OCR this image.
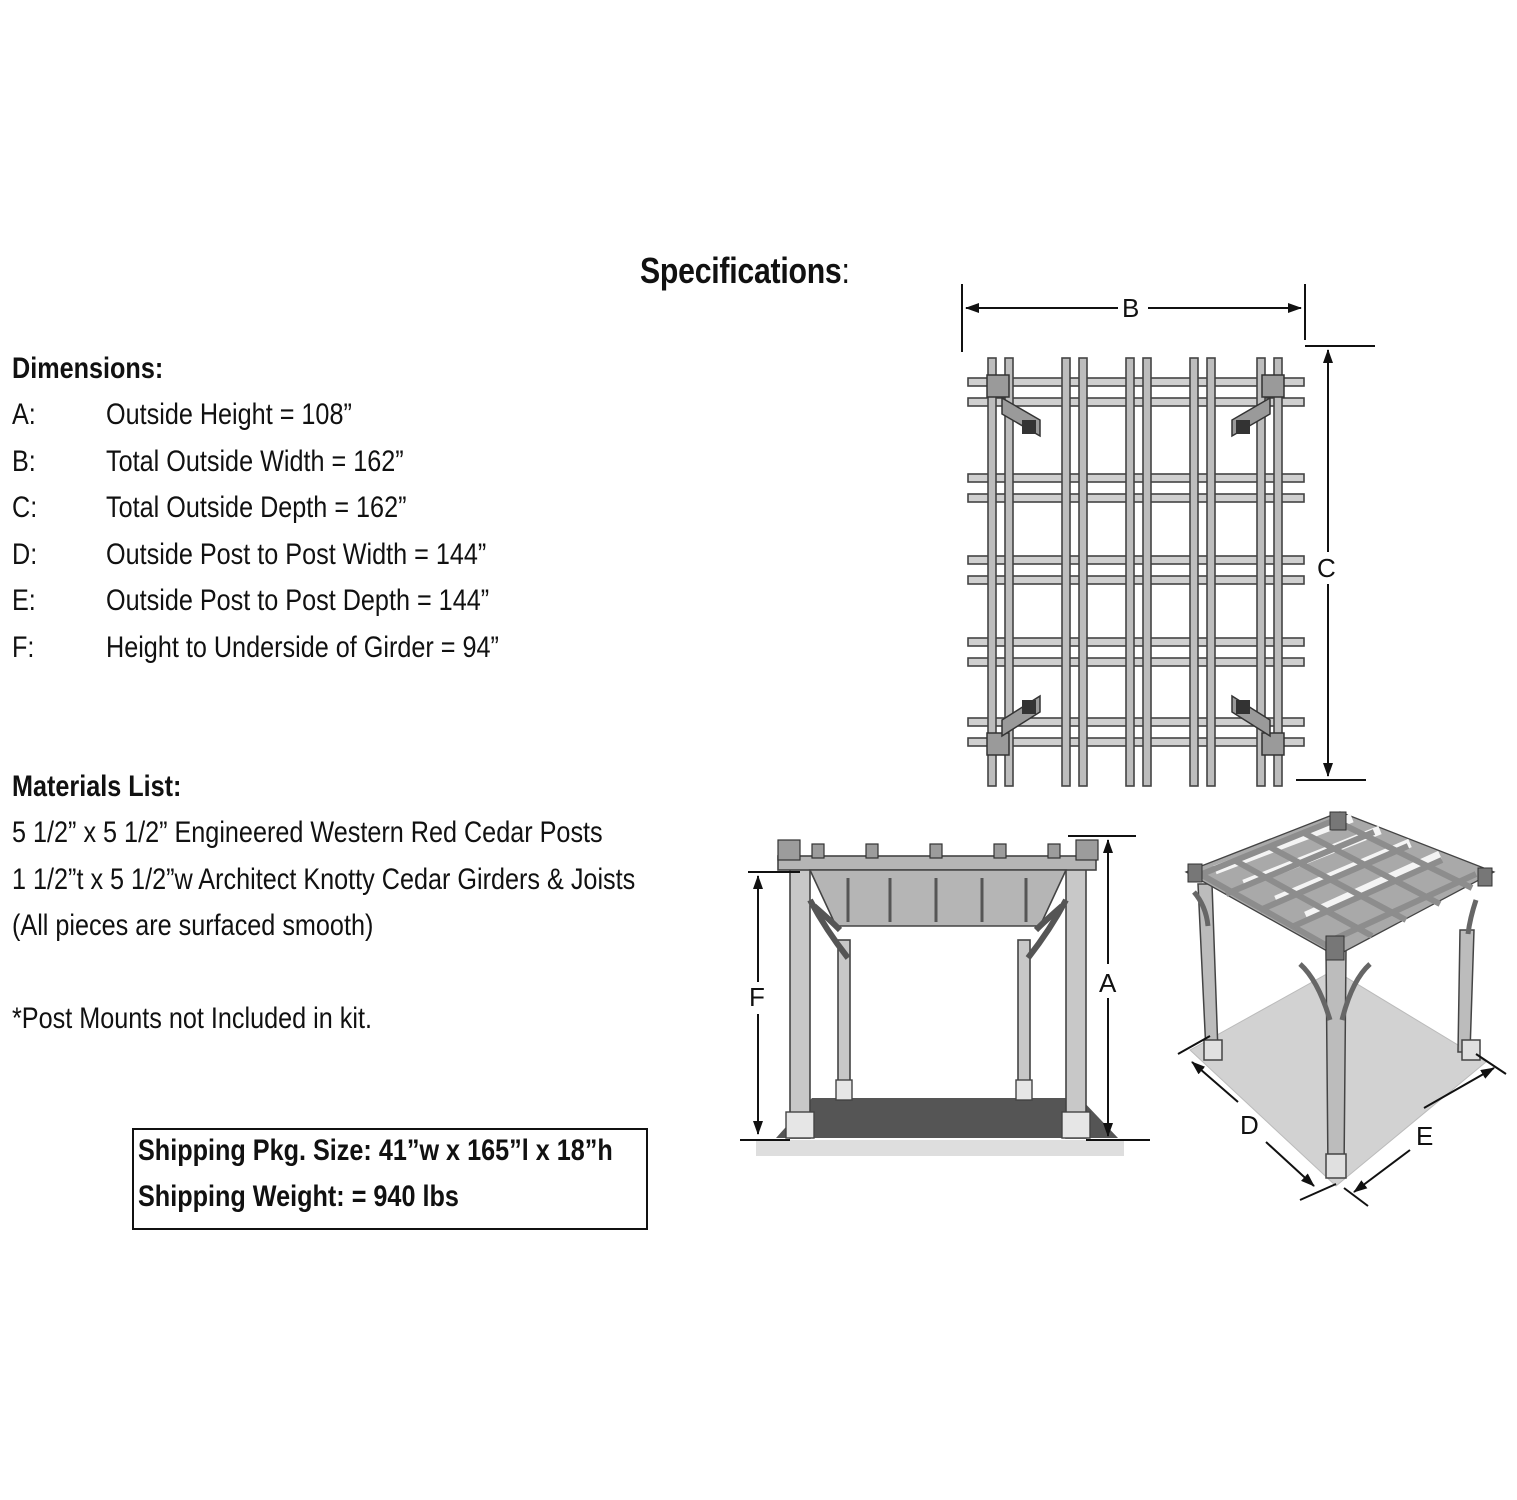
Specifications:
Dimensions:
A: Outside Height = 108”
B: Total Outside Width = 162”
C: Total Outside Depth = 162”
D: Outside Post to Post Width = 144”
E: Outside Post to Post Depth = 144”
F: Height to Underside of Girder = 94”
Materials List:
5 1/2” x 5 1/2” Engineered Western Red Cedar Posts
1 1/2”t x 5 1/2”w Architect Knotty Cedar Girders & Joists
(All pieces are surfaced smooth)
*Post Mounts not Included in kit.
Shipping Pkg. Size: 41”w x 165”l x 18”h
Shipping Weight: = 940 lbs
B
C
F	A
D	E
